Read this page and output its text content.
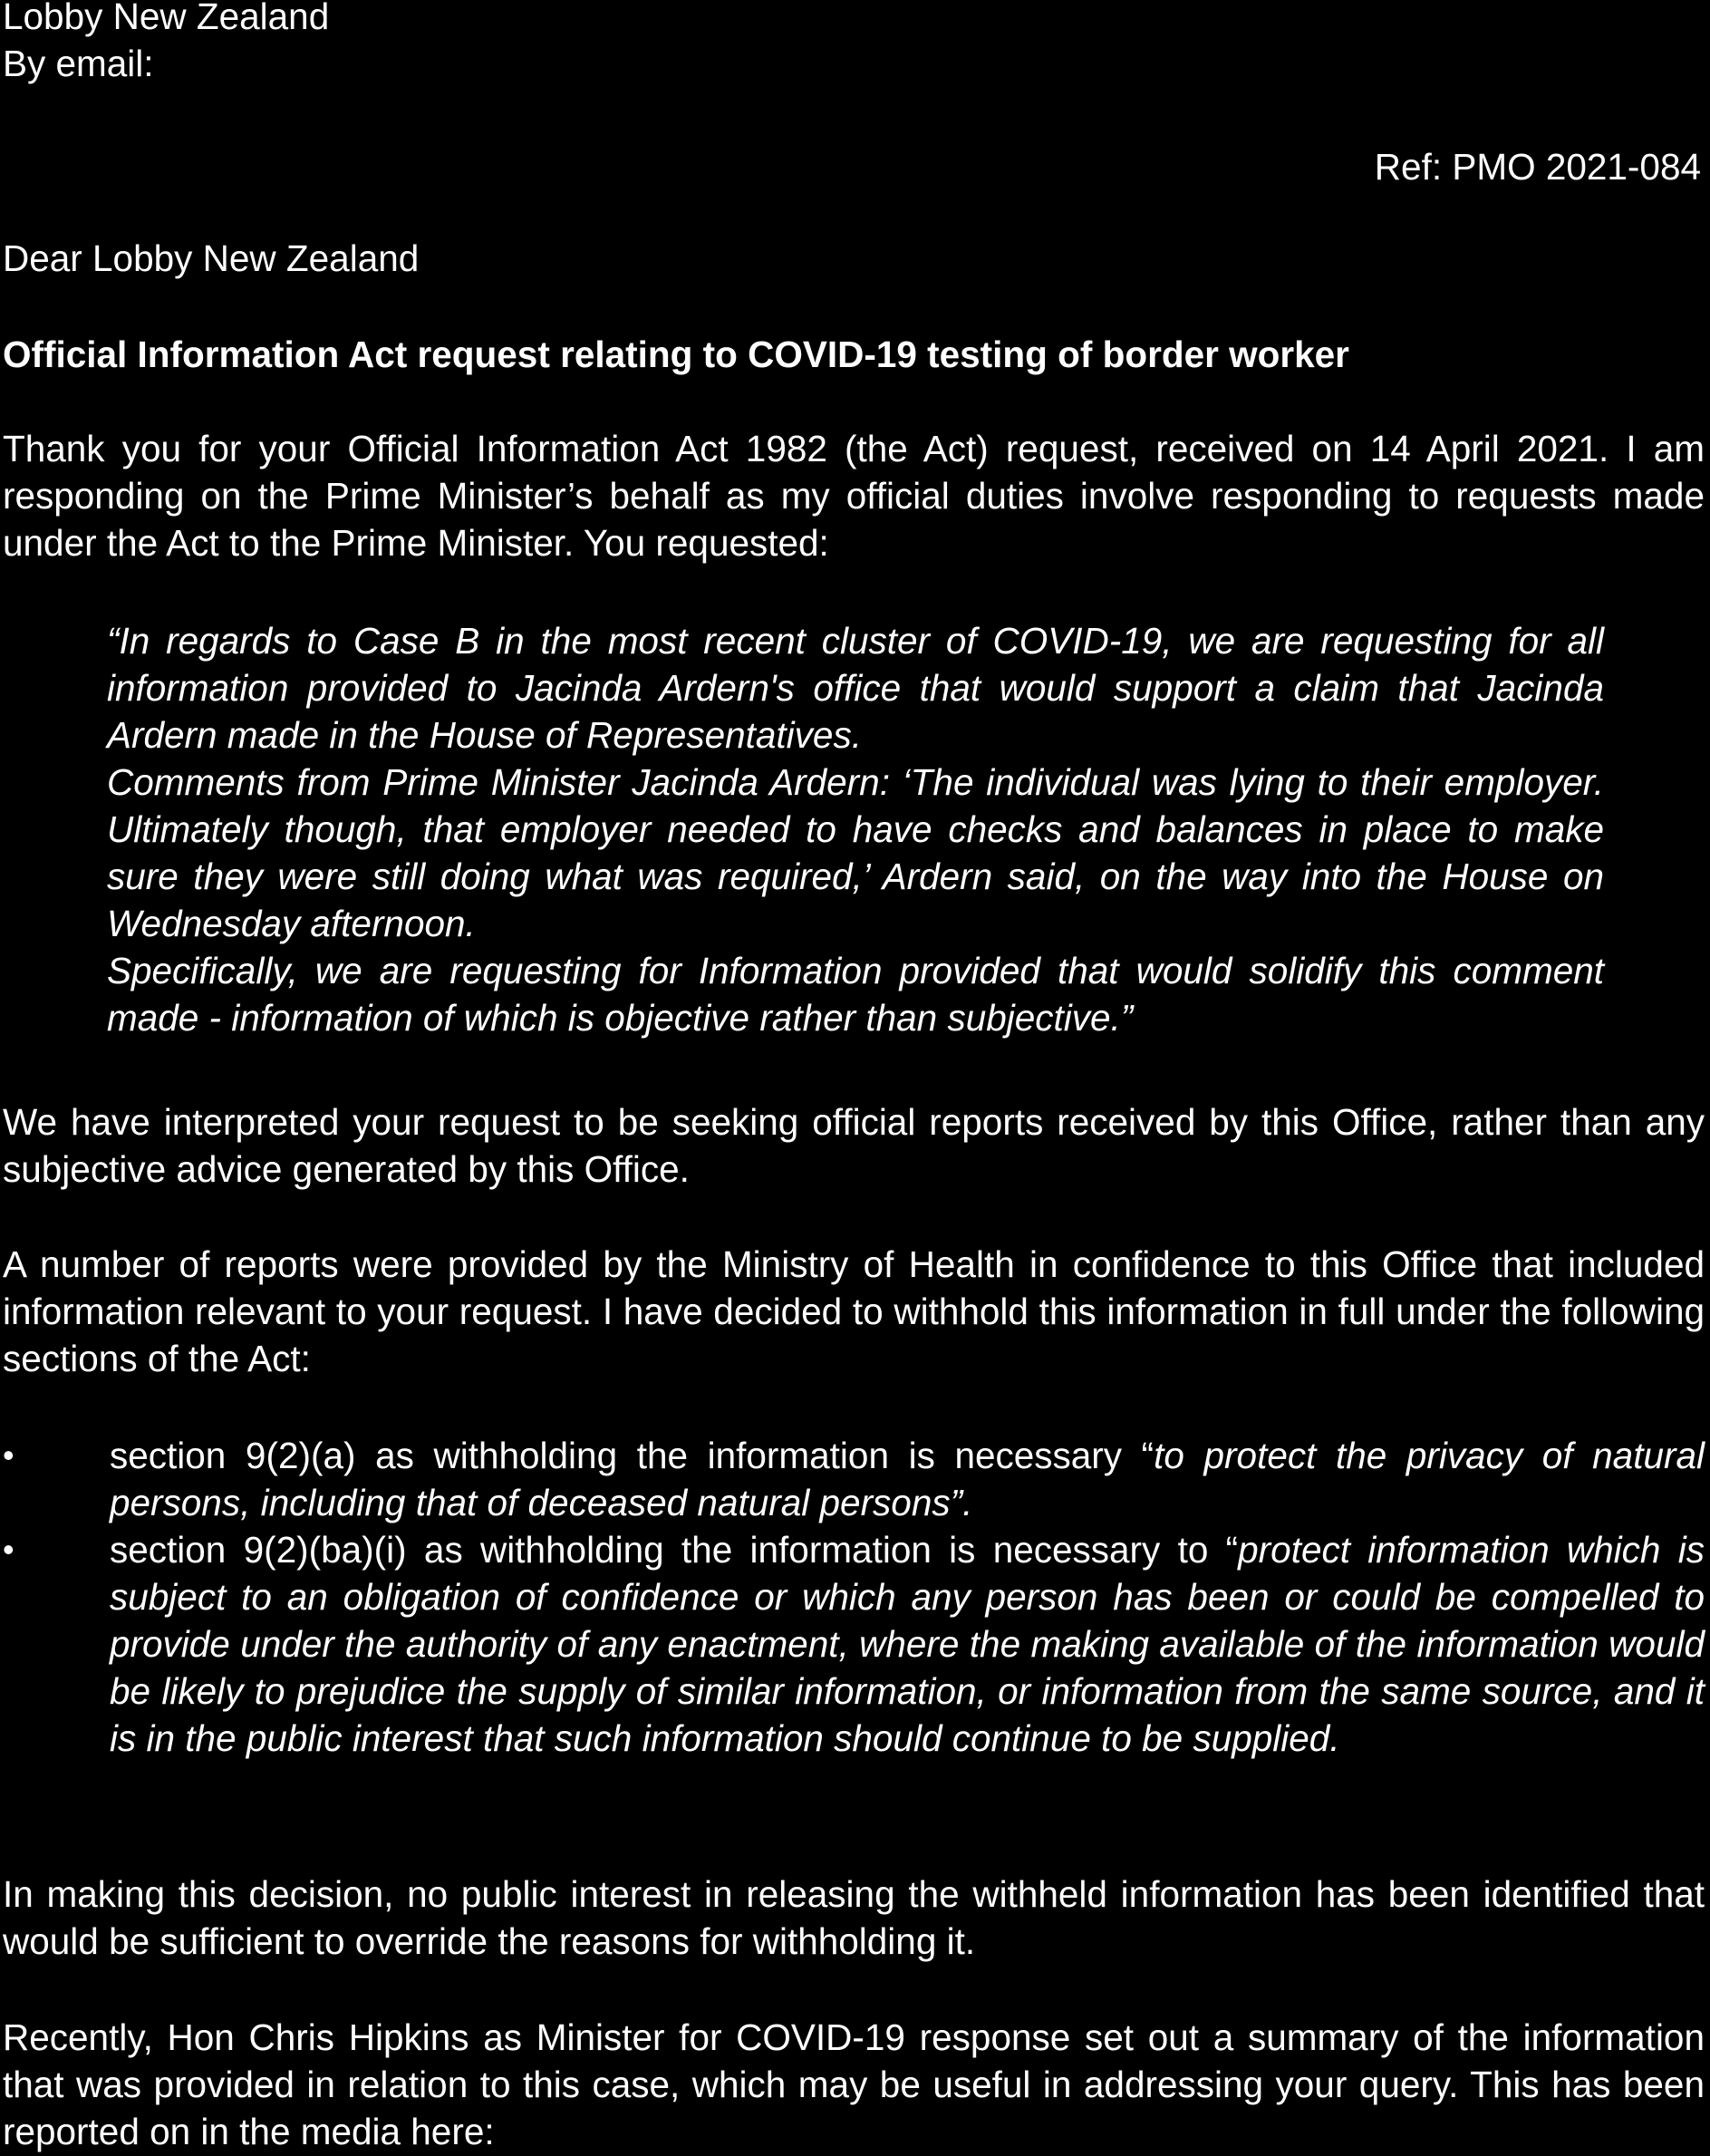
Lobby New Zealand
By email:
Ref: PMO 2021-084
Dear Lobby New Zealand
Official Information Act request relating to COVID-19 testing of border worker
Thank you for your Official Information Act 1982 (the Act) request, received on 14 April 2021. I am responding on the Prime Minister’s behalf as my official duties involve responding to requests made under the Act to the Prime Minister. You requested:

“In regards to Case B in the most recent cluster of COVID-19, we are requesting for all information provided to Jacinda Ardern's office that would support a claim that Jacinda Ardern made in the House of Representatives.

Comments from Prime Minister Jacinda Ardern: ‘The individual was lying to their employer. Ultimately though, that employer needed to have checks and balances in place to make sure they were still doing what was required,’ Ardern said, on the way into the House on Wednesday afternoon.

Specifically, we are requesting for Information provided that would solidify this comment made - information of which is objective rather than subjective.”

We have interpreted your request to be seeking official reports received by this Office, rather than any subjective advice generated by this Office.
A number of reports were provided by the Ministry of Health in confidence to this Office that included information relevant to your request. I have decided to withhold this information in full under the following sections of the Act:
•	section 9(2)(a) as withholding the information is necessary “to protect the privacy of natural persons, including that of deceased natural persons”.
•	section 9(2)(ba)(i) as withholding the information is necessary to “protect information which is subject to an obligation of confidence or which any person has been or could be compelled to provide under the authority of any enactment, where the making available of the information would be likely to prejudice the supply of similar information, or information from the same source, and it is in the public interest that such information should continue to be supplied.
In making this decision, no public interest in releasing the withheld information has been identified that would be sufficient to override the reasons for withholding it.
Recently, Hon Chris Hipkins as Minister for COVID-19 response set out a summary of the information that was provided in relation to this case, which may be useful in addressing your query. This has been reported on in the media here:
